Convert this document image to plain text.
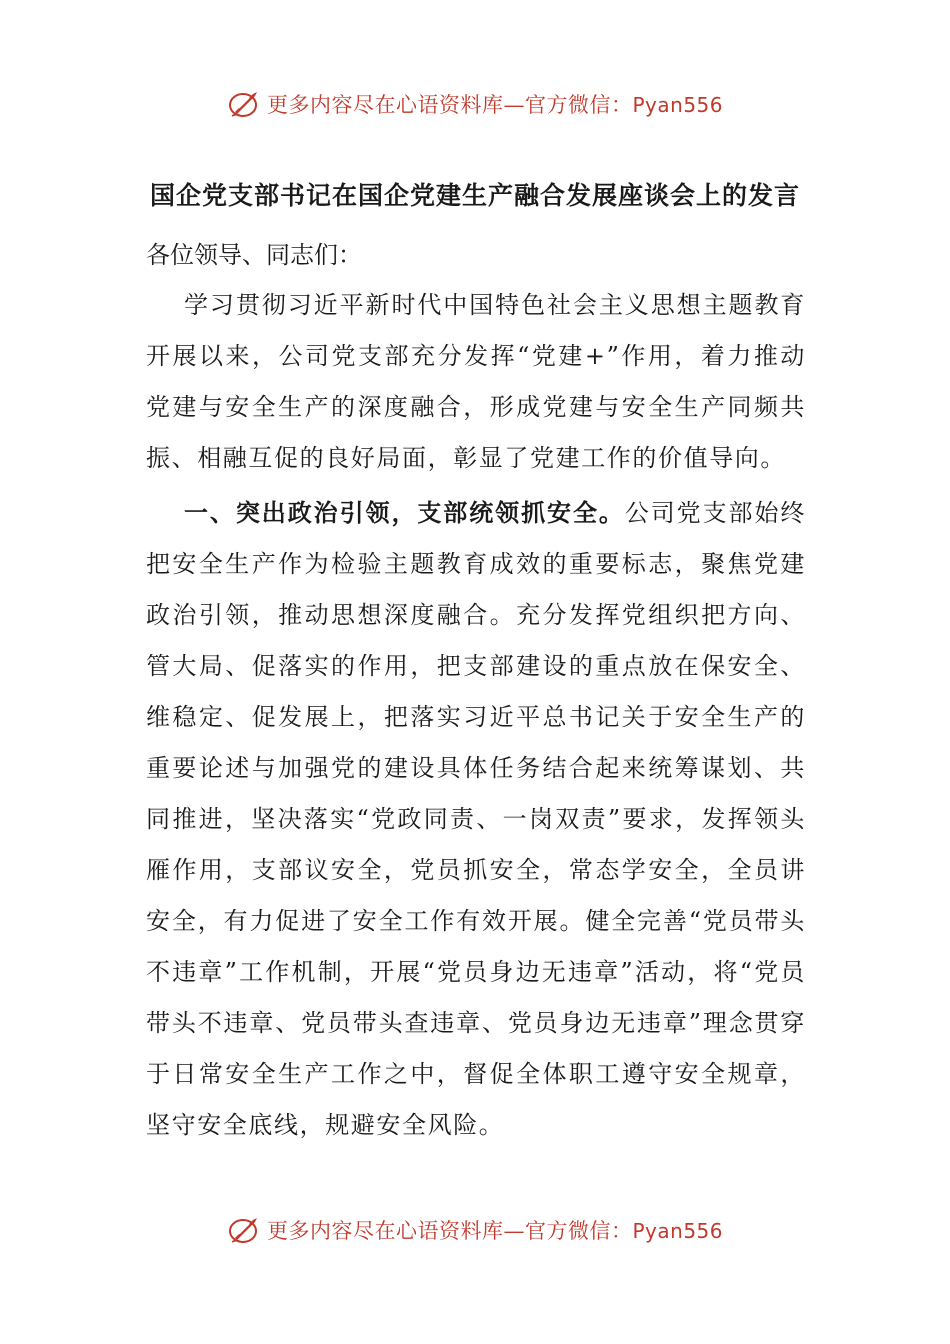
更多内容尽在心语资料库—官方微信：Pyan556
国企党支部书记在国企党建生产融合发展座谈会上的发言
各位领导、同志们：

学习贯彻习近平新时代中国特色社会主义思想主题教育开展以来，公司党支部充分发挥“党建+”作用，着力推动党建与安全生产的深度融合，形成党建与安全生产同频共振、相融互促的良好局面，彰显了党建工作的价值导向。

一、突出政治引领，支部统领抓安全。公司党支部始终把安全生产作为检验主题教育成效的重要标志，聚焦党建政治引领，推动思想深度融合。充分发挥党组织把方向、管大局、促落实的作用，把支部建设的重点放在保安全、维稳定、促发展上，把落实习近平总书记关于安全生产的重要论述与加强党的建设具体任务结合起来统筹谋划、共同推进，坚决落实“党政同责、一岗双责”要求，发挥领头雁作用，支部议安全，党员抓安全，常态学安全，全员讲安全，有力促进了安全工作有效开展。健全完善“党员带头不违章”工作机制，开展“党员身边无违章”活动，将“党员带头不违章、党员带头查违章、党员身边无违章”理念贯穿于日常安全生产工作之中，督促全体职工遵守安全规章，坚守安全底线，规避安全风险。

更多内容尽在心语资料库—官方微信：Pyan556
